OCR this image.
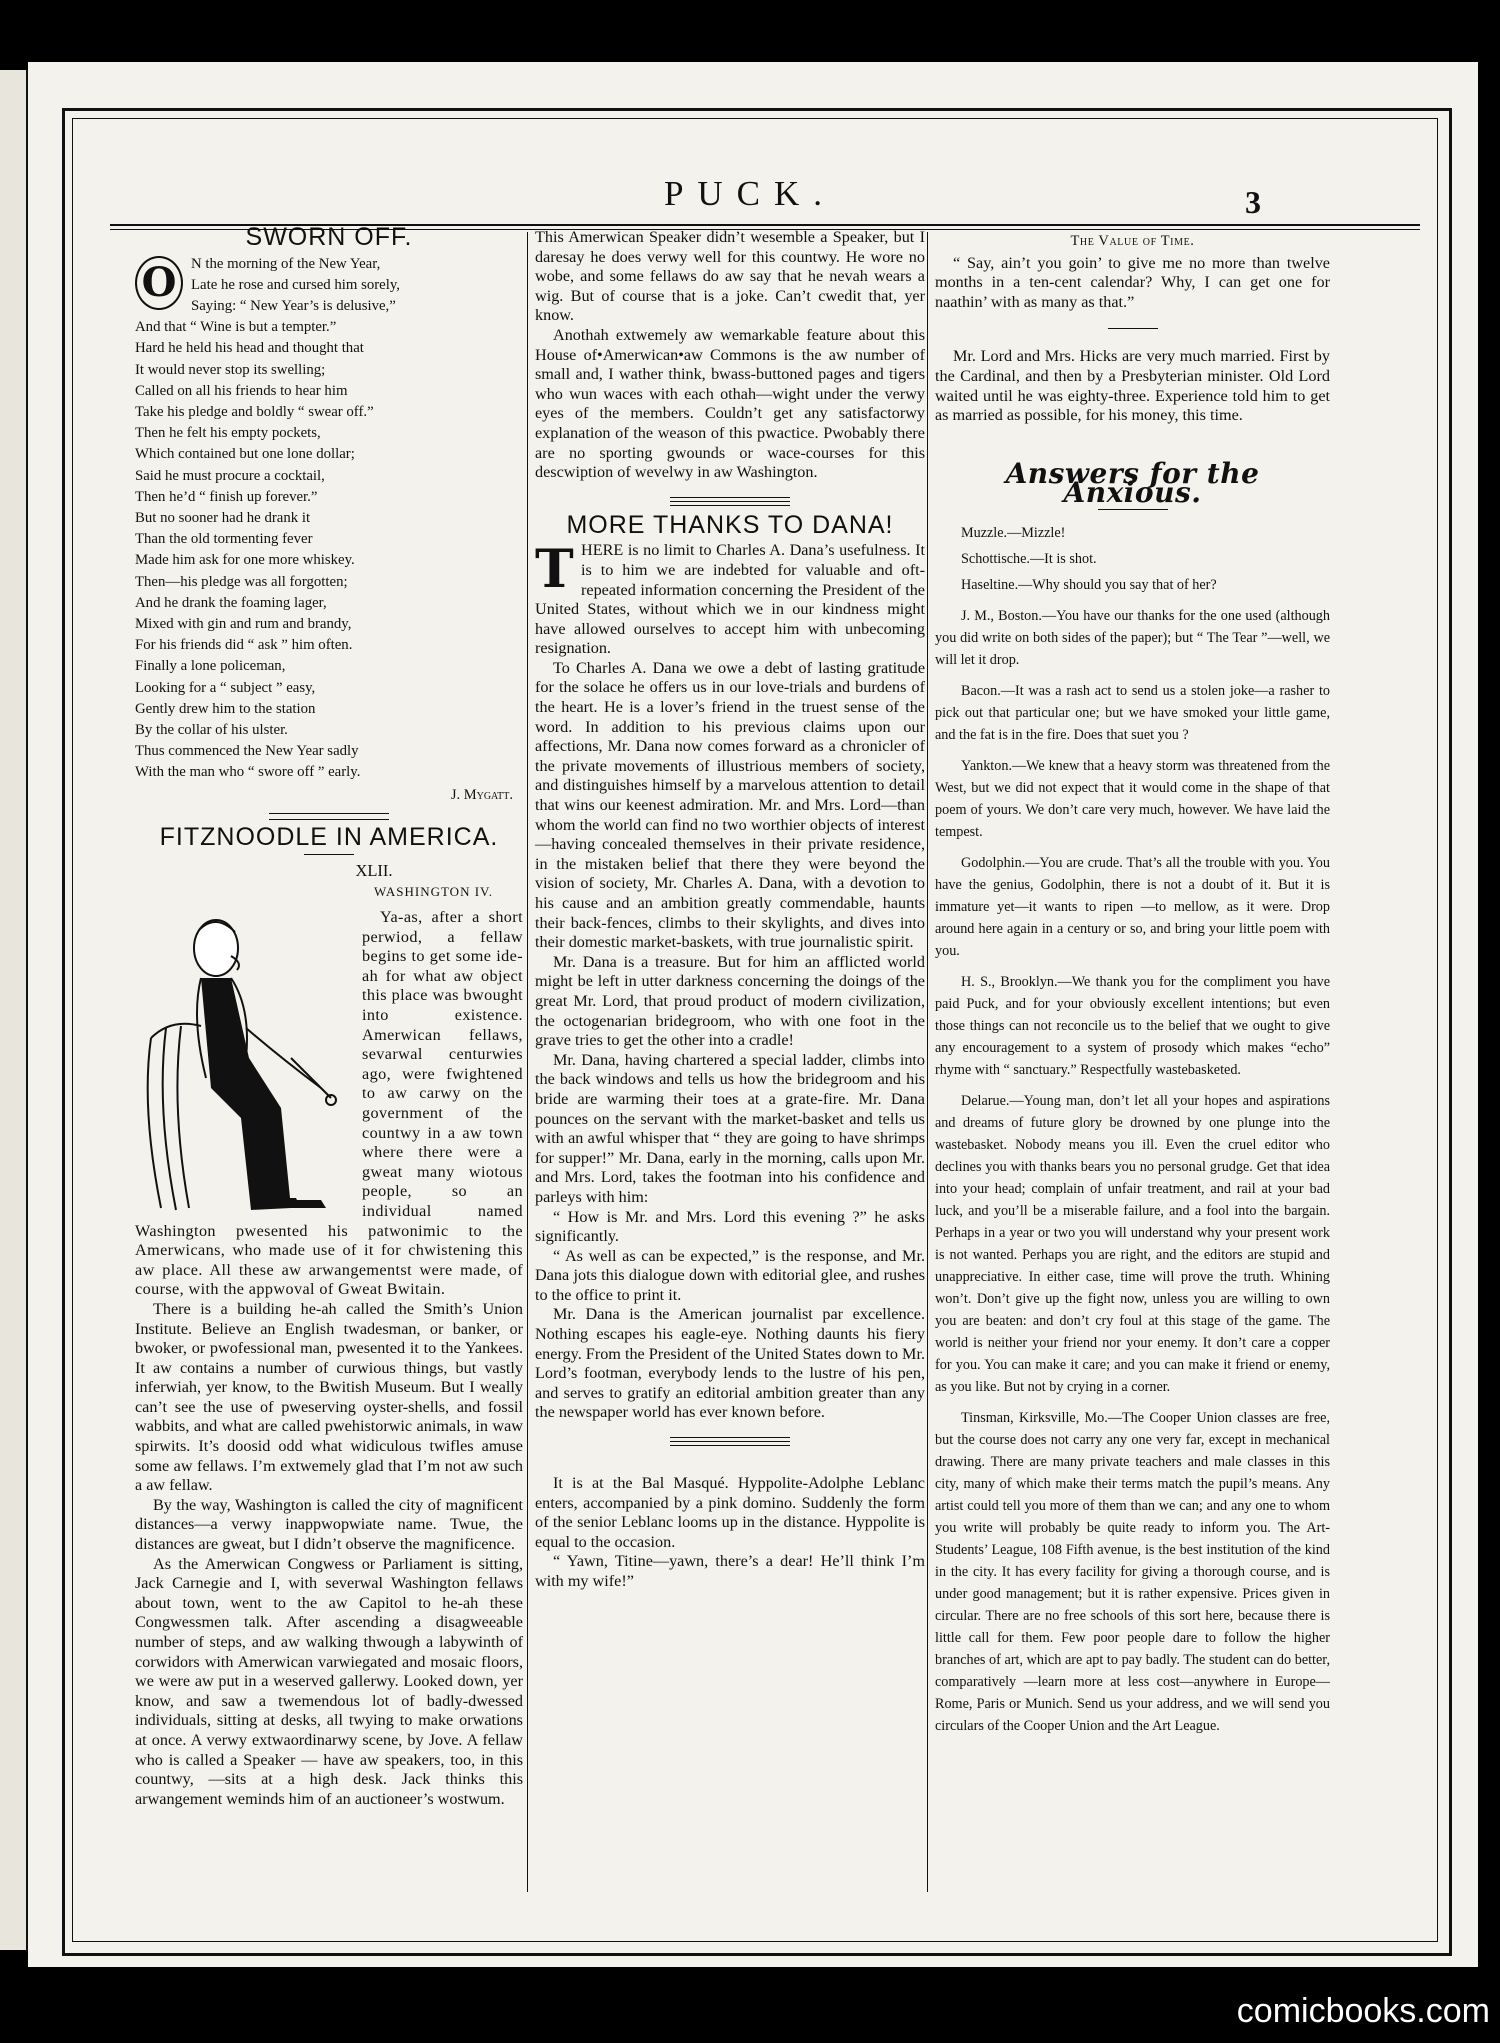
PUCK.	3
SWORN OFF.
O N the morning of the New Year,
Late he rose and cursed him sorely,
Saying: “ New Year’s is delusive,”
And that “ Wine is but a tempter.”
Hard he held his head and thought that
It would never stop its swelling;
Called on all his friends to hear him
Take his pledge and boldly “ swear off.”
Then he felt his empty pockets,
Which contained but one lone dollar;
Said he must procure a cocktail,
Then he’d “ finish up forever.”
But no sooner had he drank it
Than the old tormenting fever
Made him ask for one more whiskey.
Then—his pledge was all forgotten;
And he drank the foaming lager,
Mixed with gin and rum and brandy,
For his friends did “ ask ” him often.
Finally a lone policeman,
Looking for a “ subject ” easy,
Gently drew him to the station
By the collar of his ulster.
Thus commenced the New Year sadly
With the man who “ swore off ” early.
J. Mygatt.
FITZNOODLE IN AMERICA.
XLII.
WASHINGTON IV.

Ya-as, after a short perwiod, a fellaw begins to get some ide-ah for what aw object this place was bwought into existence. Amerwican fellaws, sevarwal centurwies ago, were fwightened to aw carwy on the government of the countwy in a aw town where there were a gweat many wiotous people, so an individual named Washington pwesented his patwonimic to the Amerwicans, who made use of it for chwistening this aw place. All these aw arwangementst were made, of course, with the appwoval of Gweat Bwitain.

There is a building he-ah called the Smith’s Union Institute. Believe an English twadesman, or banker, or bwoker, or pwofessional man, pwesented it to the Yankees. It aw contains a number of curwious things, but vastly inferwiah, yer know, to the Bwitish Museum. But I weally can’t see the use of pweserving oyster-shells, and fossil wabbits, and what are called pwehistorwic animals, in waw spirwits. It’s doosid odd what widiculous twifles amuse some aw fellaws. I’m extwemely glad that I’m not aw such a aw fellaw.

By the way, Washington is called the city of magnificent distances—a verwy inappwopwiate name. Twue, the distances are gweat, but I didn’t observe the magnificence.

As the Amerwican Congwess or Parliament is sitting, Jack Carnegie and I, with severwal Washington fellaws about town, went to the aw Capitol to he-ah these Congwessmen talk. After ascending a disagweeable number of steps, and aw walking thwough a labywinth of corwidors with Amerwican varwiegated and mosaic floors, we were aw put in a weserved gallerwy. Looked down, yer know, and saw a twemendous lot of badly-dwessed individuals, sitting at desks, all twying to make orwations at once. A verwy extwaordinarwy scene, by Jove. A fellaw who is called a Speaker — have aw speakers, too, in this countwy, —sits at a high desk. Jack thinks this arwangement weminds him of an auctioneer’s wostwum.

This Amerwican Speaker didn’t wesemble a Speaker, but I daresay he does verwy well for this countwy. He wore no wobe, and some fellaws do aw say that he nevah wears a wig. But of course that is a joke. Can’t cwedit that, yer know.

Anothah extwemely aw wemarkable feature about this House of•Amerwican•aw Commons is the aw number of small and, I wather think, bwass-buttoned pages and tigers who wun waces with each othah—wight under the verwy eyes of the members. Couldn’t get any satisfactorwy explanation of the weason of this pwactice. Pwobably there are no sporting gwounds or wace-courses for this descwiption of wevelwy in aw Washington.

MORE THANKS TO DANA!
T HERE is no limit to Charles A. Dana’s usefulness. It is to him we are indebted for valuable and oft-repeated information concerning the President of the United States, without which we in our kindness might have allowed ourselves to accept him with unbecoming resignation.

To Charles A. Dana we owe a debt of lasting gratitude for the solace he offers us in our love-trials and burdens of the heart. He is a lover’s friend in the truest sense of the word. In addition to his previous claims upon our affections, Mr. Dana now comes forward as a chronicler of the private movements of illustrious members of society, and distinguishes himself by a marvelous attention to detail that wins our keenest admiration. Mr. and Mrs. Lord—than whom the world can find no two worthier objects of interest—having concealed themselves in their private residence, in the mistaken belief that there they were beyond the vision of society, Mr. Charles A. Dana, with a devotion to his cause and an ambition greatly commendable, haunts their back-fences, climbs to their skylights, and dives into their domestic market-baskets, with true journalistic spirit.

Mr. Dana is a treasure. But for him an afflicted world might be left in utter darkness concerning the doings of the great Mr. Lord, that proud product of modern civilization, the octogenarian bridegroom, who with one foot in the grave tries to get the other into a cradle!

Mr. Dana, having chartered a special ladder, climbs into the back windows and tells us how the bridegroom and his bride are warming their toes at a grate-fire. Mr. Dana pounces on the servant with the market-basket and tells us with an awful whisper that “ they are going to have shrimps for supper!” Mr. Dana, early in the morning, calls upon Mr. and Mrs. Lord, takes the footman into his confidence and parleys with him:

“ How is Mr. and Mrs. Lord this evening ?” he asks significantly.

“ As well as can be expected,” is the response, and Mr. Dana jots this dialogue down with editorial glee, and rushes to the office to print it.

Mr. Dana is the American journalist par excellence. Nothing escapes his eagle-eye. Nothing daunts his fiery energy. From the President of the United States down to Mr. Lord’s footman, everybody lends to the lustre of his pen, and serves to gratify an editorial ambition greater than any the newspaper world has ever known before.

It is at the Bal Masqué. Hyppolite-Adolphe Leblanc enters, accompanied by a pink domino. Suddenly the form of the senior Leblanc looms up in the distance. Hyppolite is equal to the occasion.

“ Yawn, Titine—yawn, there’s a dear! He’ll think I’m with my wife!”

The Value of Time.

“ Say, ain’t you goin’ to give me no more than twelve months in a ten-cent calendar? Why, I can get one for naathin’ with as many as that.”

Mr. Lord and Mrs. Hicks are very much married. First by the Cardinal, and then by a Presbyterian minister. Old Lord waited until he was eighty-three. Experience told him to get as married as possible, for his money, this time.

Answers for the Anxious.

Muzzle.—Mizzle!

Schottische.—It is shot.

Haseltine.—Why should you say that of her?

J. M., Boston.—You have our thanks for the one used (although you did write on both sides of the paper); but “ The Tear ”—well, we will let it drop.

Bacon.—It was a rash act to send us a stolen joke—a rasher to pick out that particular one; but we have smoked your little game, and the fat is in the fire. Does that suet you ?

Yankton.—We knew that a heavy storm was threatened from the West, but we did not expect that it would come in the shape of that poem of yours. We don’t care very much, however. We have laid the tempest.

Godolphin.—You are crude. That’s all the trouble with you. You have the genius, Godolphin, there is not a doubt of it. But it is immature yet—it wants to ripen —to mellow, as it were. Drop around here again in a century or so, and bring your little poem with you.

H. S., Brooklyn.—We thank you for the compliment you have paid Puck, and for your obviously excellent intentions; but even those things can not reconcile us to the belief that we ought to give any encouragement to a system of prosody which makes “echo” rhyme with “ sanctuary.” Respectfully wastebasketed.

Delarue.—Young man, don’t let all your hopes and aspirations and dreams of future glory be drowned by one plunge into the wastebasket. Nobody means you ill. Even the cruel editor who declines you with thanks bears you no personal grudge. Get that idea into your head; complain of unfair treatment, and rail at your bad luck, and you’ll be a miserable failure, and a fool into the bargain. Perhaps in a year or two you will understand why your present work is not wanted. Perhaps you are right, and the editors are stupid and unappreciative. In either case, time will prove the truth. Whining won’t. Don’t give up the fight now, unless you are willing to own you are beaten: and don’t cry foul at this stage of the game. The world is neither your friend nor your enemy. It don’t care a copper for you. You can make it care; and you can make it friend or enemy, as you like. But not by crying in a corner.

Tinsman, Kirksville, Mo.—The Cooper Union classes are free, but the course does not carry any one very far, except in mechanical drawing. There are many private teachers and male classes in this city, many of which make their terms match the pupil’s means. Any artist could tell you more of them than we can; and any one to whom you write will probably be quite ready to inform you. The Art-Students’ League, 108 Fifth avenue, is the best institution of the kind in the city. It has every facility for giving a thorough course, and is under good management; but it is rather expensive. Prices given in circular. There are no free schools of this sort here, because there is little call for them. Few poor people dare to follow the higher branches of art, which are apt to pay badly. The student can do better, comparatively —learn more at less cost—anywhere in Europe—Rome, Paris or Munich. Send us your address, and we will send you circulars of the Cooper Union and the Art League.

comicbooks.com
